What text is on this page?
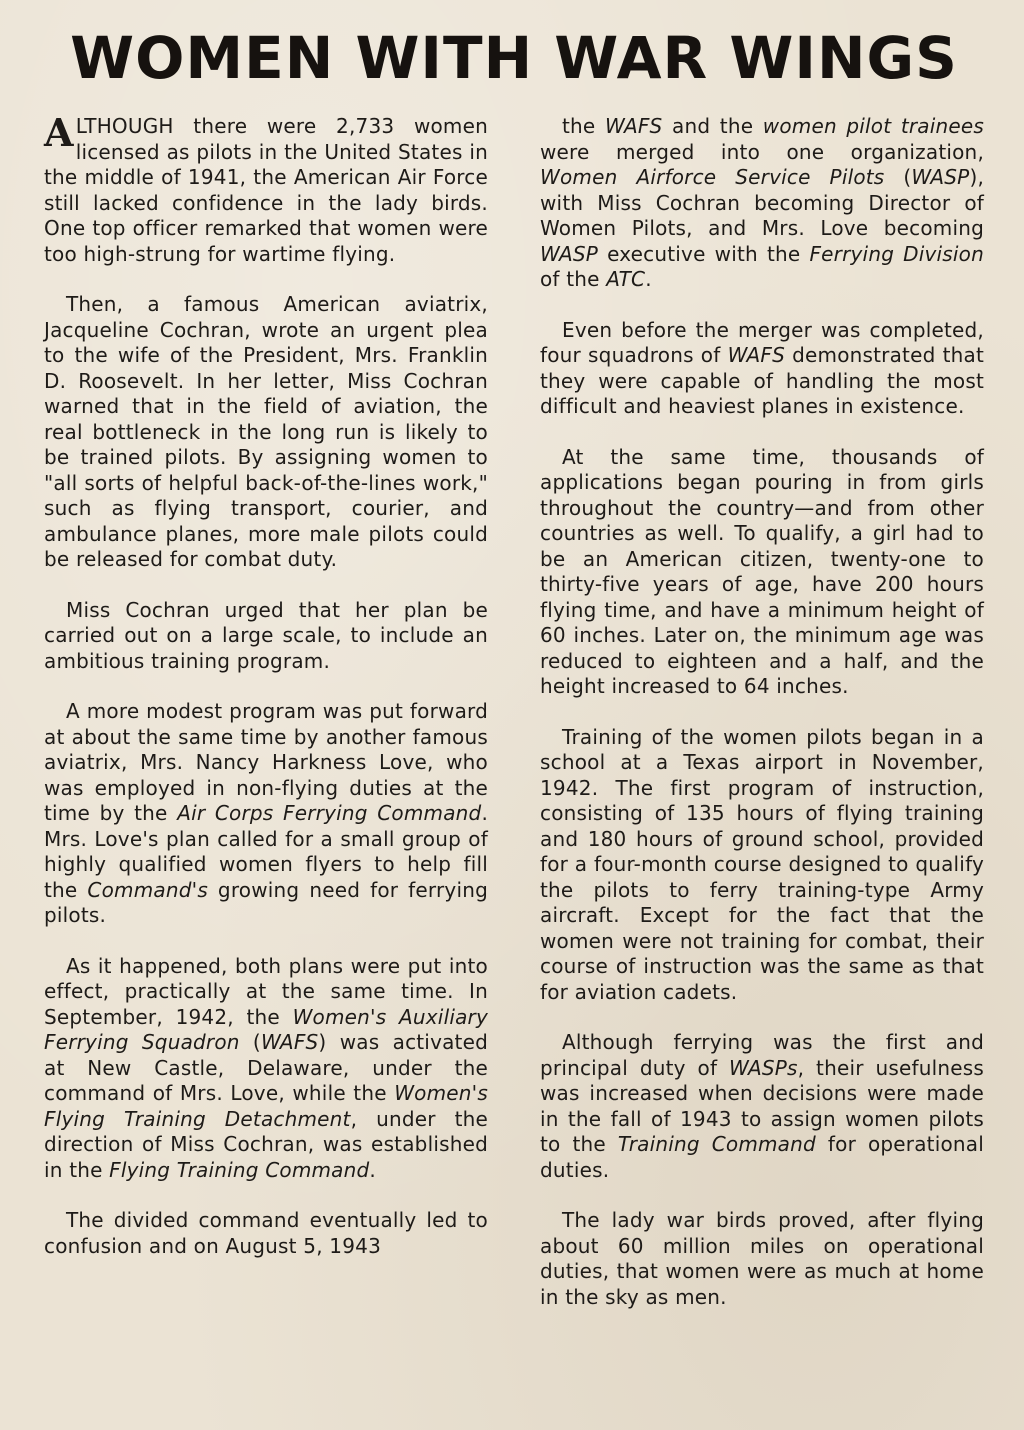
WOMEN WITH WAR WINGS

ALTHOUGH there were 2,733 women licensed as pilots in the United States in the middle of 1941, the American Air Force still lacked confidence in the lady birds. One top officer remarked that women were too high-strung for wartime flying.

Then, a famous American aviatrix, Jacqueline Cochran, wrote an urgent plea to the wife of the President, Mrs. Franklin D. Roosevelt. In her letter, Miss Cochran warned that in the field of aviation, the real bottleneck in the long run is likely to be trained pilots. By assigning women to "all sorts of helpful back-of-the-lines work," such as flying transport, courier, and ambulance planes, more male pilots could be released for combat duty.

Miss Cochran urged that her plan be carried out on a large scale, to include an ambitious training program.

A more modest program was put forward at about the same time by another famous aviatrix, Mrs. Nancy Harkness Love, who was employed in non-flying duties at the time by the Air Corps Ferrying Command. Mrs. Love's plan called for a small group of highly qualified women flyers to help fill the Command's growing need for ferrying pilots.

As it happened, both plans were put into effect, practically at the same time. In September, 1942, the Women's Auxiliary Ferrying Squadron (WAFS) was activated at New Castle, Delaware, under the command of Mrs. Love, while the Women's Flying Training Detachment, under the direction of Miss Cochran, was established in the Flying Training Command.

The divided command eventually led to confusion and on August 5, 1943

the WAFS and the women pilot trainees were merged into one organization, Women Airforce Service Pilots (WASP), with Miss Cochran becoming Director of Women Pilots, and Mrs. Love becoming WASP executive with the Ferrying Division of the ATC.

Even before the merger was completed, four squadrons of WAFS demonstrated that they were capable of handling the most difficult and heaviest planes in existence.

At the same time, thousands of applications began pouring in from girls throughout the country—and from other countries as well. To qualify, a girl had to be an American citizen, twenty-one to thirty-five years of age, have 200 hours flying time, and have a minimum height of 60 inches. Later on, the minimum age was reduced to eighteen and a half, and the height increased to 64 inches.

Training of the women pilots began in a school at a Texas airport in November, 1942. The first program of instruction, consisting of 135 hours of flying training and 180 hours of ground school, provided for a four-month course designed to qualify the pilots to ferry training-type Army aircraft. Except for the fact that the women were not training for combat, their course of instruction was the same as that for aviation cadets.

Although ferrying was the first and principal duty of WASPs, their usefulness was increased when decisions were made in the fall of 1943 to assign women pilots to the Training Command for operational duties.

The lady war birds proved, after flying about 60 million miles on operational duties, that women were as much at home in the sky as men.
